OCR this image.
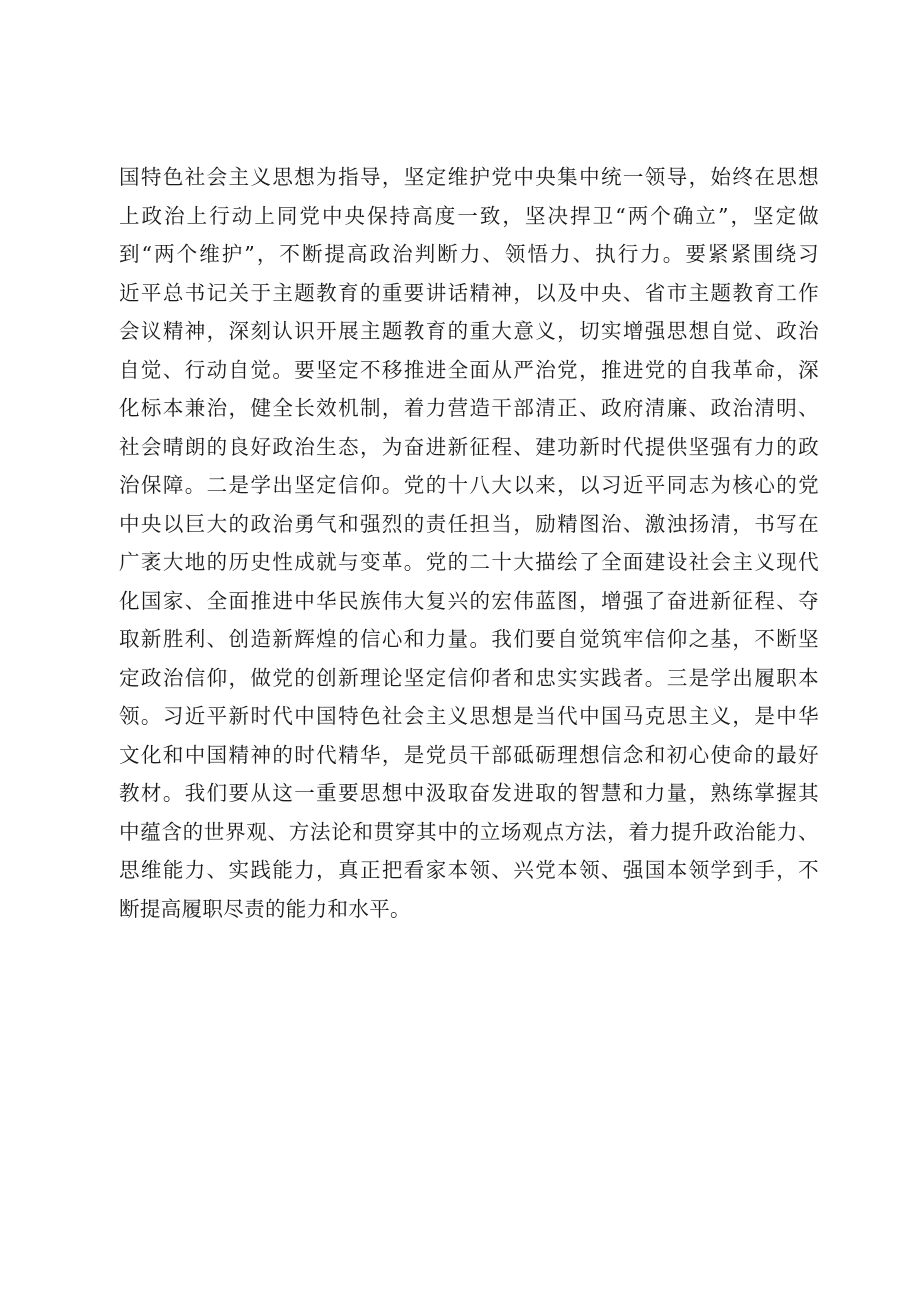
国特色社会主义思想为指导，坚定维护党中央集中统一领导，始终在思想
上政治上行动上同党中央保持高度一致，坚决捍卫“两个确立”，坚定做
到“两个维护”，不断提高政治判断力、领悟力、执行力。要紧紧围绕习
近平总书记关于主题教育的重要讲话精神，以及中央、省市主题教育工作
会议精神，深刻认识开展主题教育的重大意义，切实增强思想自觉、政治
自觉、行动自觉。要坚定不移推进全面从严治党，推进党的自我革命，深
化标本兼治，健全长效机制，着力营造干部清正、政府清廉、政治清明、
社会晴朗的良好政治生态，为奋进新征程、建功新时代提供坚强有力的政
治保障。二是学出坚定信仰。党的十八大以来，以习近平同志为核心的党
中央以巨大的政治勇气和强烈的责任担当，励精图治、激浊扬清，书写在
广袤大地的历史性成就与变革。党的二十大描绘了全面建设社会主义现代
化国家、全面推进中华民族伟大复兴的宏伟蓝图，增强了奋进新征程、夺
取新胜利、创造新辉煌的信心和力量。我们要自觉筑牢信仰之基，不断坚
定政治信仰，做党的创新理论坚定信仰者和忠实实践者。三是学出履职本
领。习近平新时代中国特色社会主义思想是当代中国马克思主义，是中华
文化和中国精神的时代精华，是党员干部砥砺理想信念和初心使命的最好
教材。我们要从这一重要思想中汲取奋发进取的智慧和力量，熟练掌握其
中蕴含的世界观、方法论和贯穿其中的立场观点方法，着力提升政治能力、
思维能力、实践能力，真正把看家本领、兴党本领、强国本领学到手，不
断提高履职尽责的能力和水平。
